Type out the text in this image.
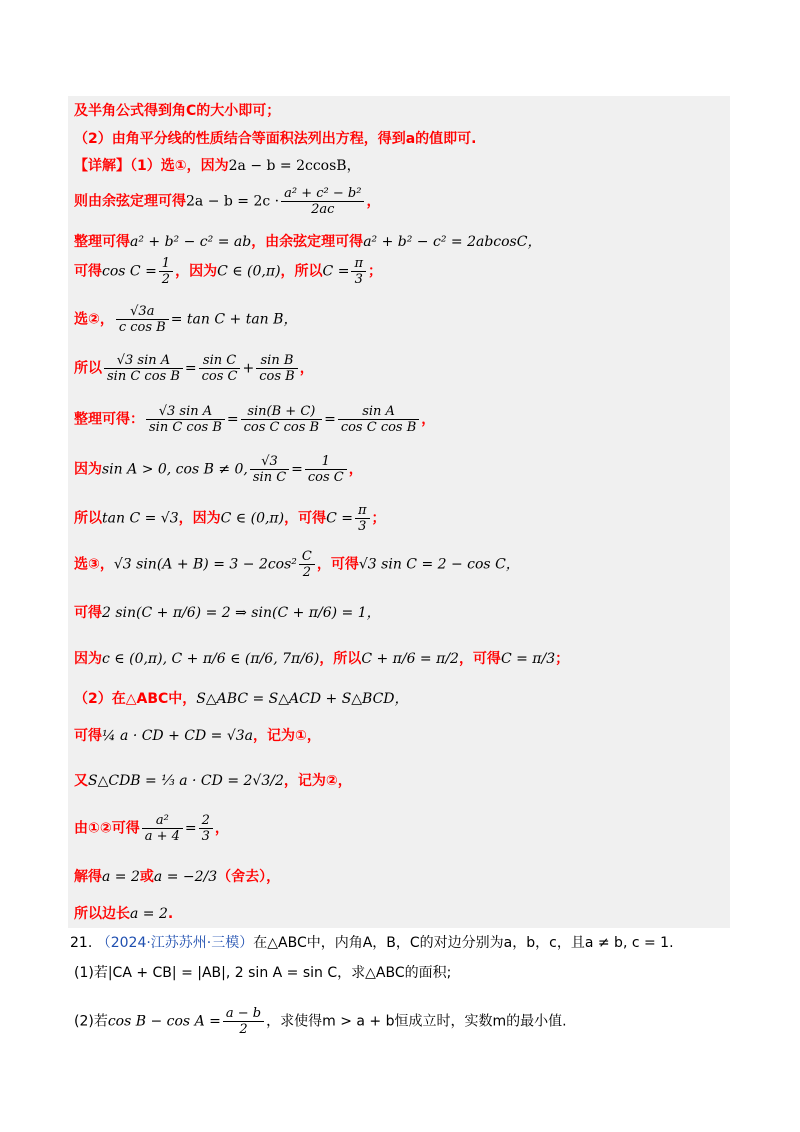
及半角公式得到角C的大小即可；
（2）由角平分线的性质结合等面积法列出方程，得到a的值即可.
【详解】（1）选①，因为2a − b = 2ccosB，
则由余弦定理可得$2a - b = 2c \cdot \frac{\text{a² + c² − b²}}{2ac}$ ，
整理可得a² + b² − c² = ab，由余弦定理可得a² + b² − c² = 2abcosC，
可得$\cos C = \frac{1}{2}$ ，因为C ∈ (0,π)，所以$C = \frac{\pi}{3}$ ；
选②， $\frac{√3a}{\text{c cos B}} = \tan C + \tan B$，
所以 $\frac{\text{√3 sin A}}{\text{sin C cos B}} = \frac{\text{sin C}}{\text{cos C}} + \frac{\text{sin B}}{\text{cos B}}$ ，
整理可得： $\frac{\text{√3 sin A}}{\text{sin C cos B}} = \frac{\sin(B + C)}{\text{cos C cos B}} = \frac{\text{sin A}}{\text{cos C cos B}}$ ，
因为sin A > 0, cos B ≠ 0, $\frac{√3}{\text{sin C}} = \frac{1}{\text{cos C}}$ ，
所以tan C = √3，因为C ∈ (0,π)，可得$C = \frac{\pi}{3}$ ；
选③，√3 $\sin(A + B) = 3 - 2\cos^2 \frac{C}{2}$ ，可得√3 sin C = 2 − cos C，
可得2 sin(C + π/6) = 2 ⇒ sin(C + π/6) = 1，
因为c ∈ (0,π), C + π/6 ∈ (π/6, 7π/6)，所以C + π/6 = π/2，可得C = π/3；
（2）在△ABC中，S△ABC = S△ACD + S△BCD，
可得¼ a · CD + CD = √3a，记为①，
又S△CDB = ⅓ a · CD = 2√3/2，记为②，
由①②可得 $\frac{\text{a²}}{a + 4} = \frac{2}{3}$ ，
解得a = 2或a = −2/3（舍去），
所以边长a = 2.
21. （2024·江苏苏州·三模）在△ABC中，内角A，B，C的对边分别为a，b，c，且a ≠ b, c = 1.
(1)若|CA + CB| = |AB|, 2 sin A = sin C，求△ABC的面积;
(2)若$\cos B - \cos A = \frac{a - b}{2}$ ，求使得m > a + b恒成立时，实数m的最小值.
